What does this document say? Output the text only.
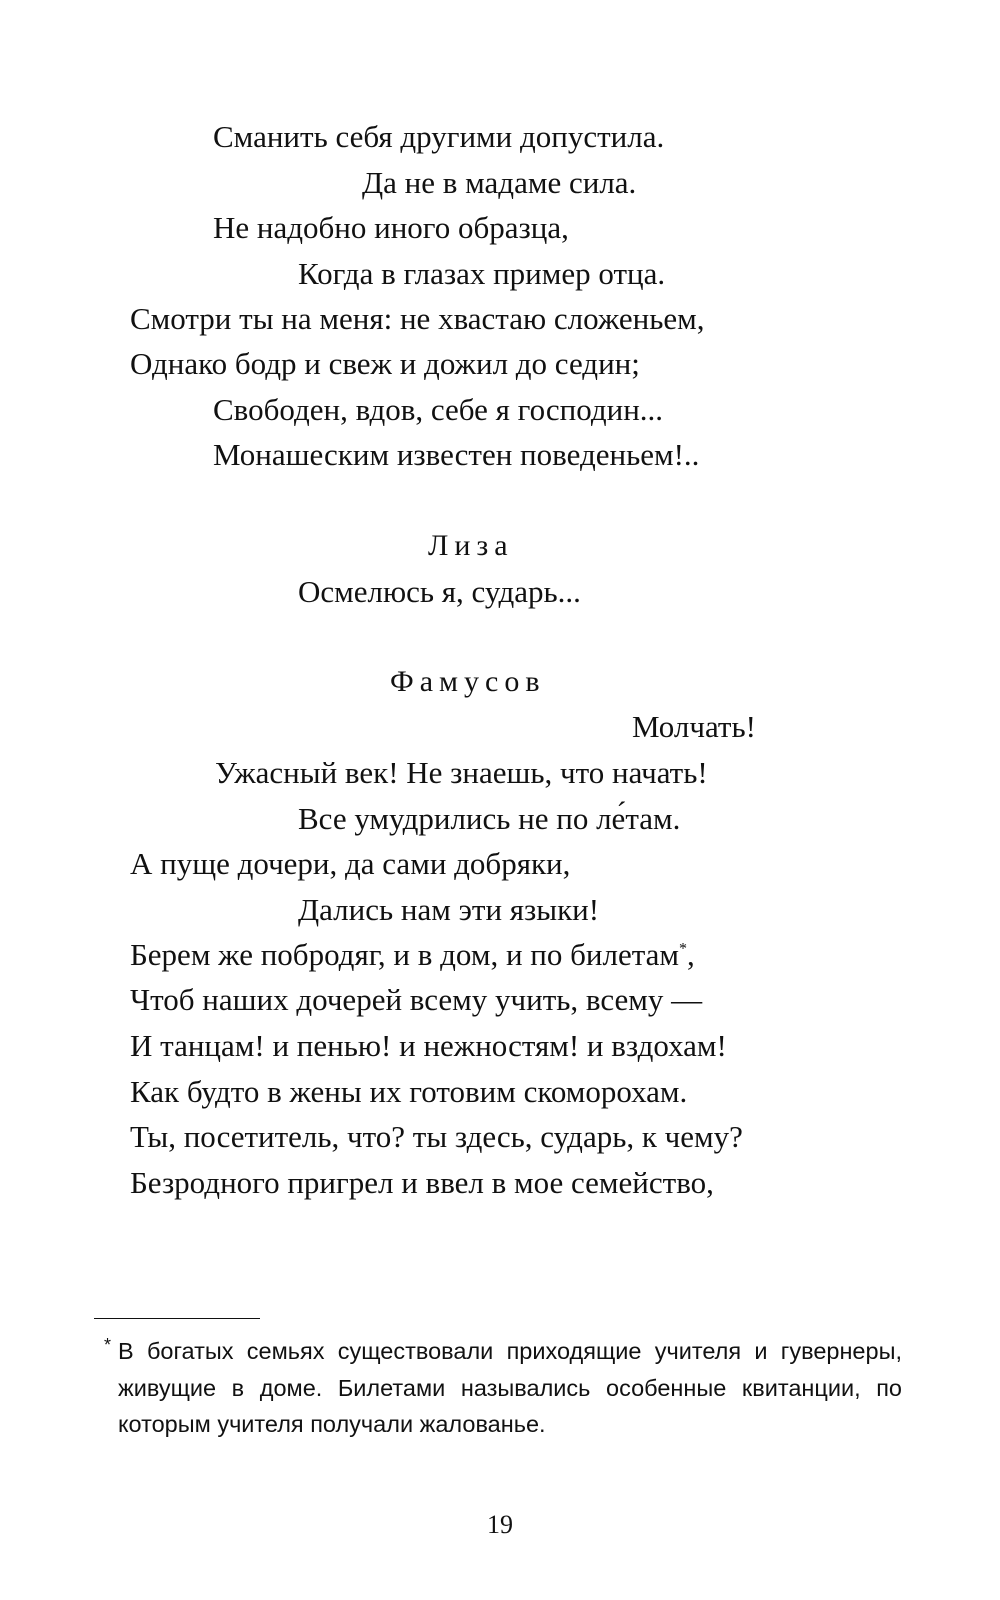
Сманить себя другими допустила.
Да не в мадаме сила.
Не надобно иного образца,
Когда в глазах пример отца.
Смотри ты на меня: не хвастаю сложеньем,
Однако бодр и свеж и дожил до седин;
Свободен, вдов, себе я господин...
Монашеским известен поведеньем!..
Лиза
Осмелюсь я, сударь...
Фамусов
Молчать!
Ужасный век! Не знаешь, что начать!
Все умудрились не по ле́там.
А пуще дочери, да сами добряки,
Дались нам эти языки!
Берем же побродяг, и в дом, и по билетам*,
Чтоб наших дочерей всему учить, всему —
И танцам! и пенью! и нежностям! и вздохам!
Как будто в жены их готовим скоморохам.
Ты, посетитель, что? ты здесь, сударь, к чему?
Безродного пригрел и ввел в мое семейство,
* В богатых семьях существовали приходящие учителя и гувернеры, живущие в доме. Билетами назывались особенные квитанции, по которым учителя получали жалованье.
19
